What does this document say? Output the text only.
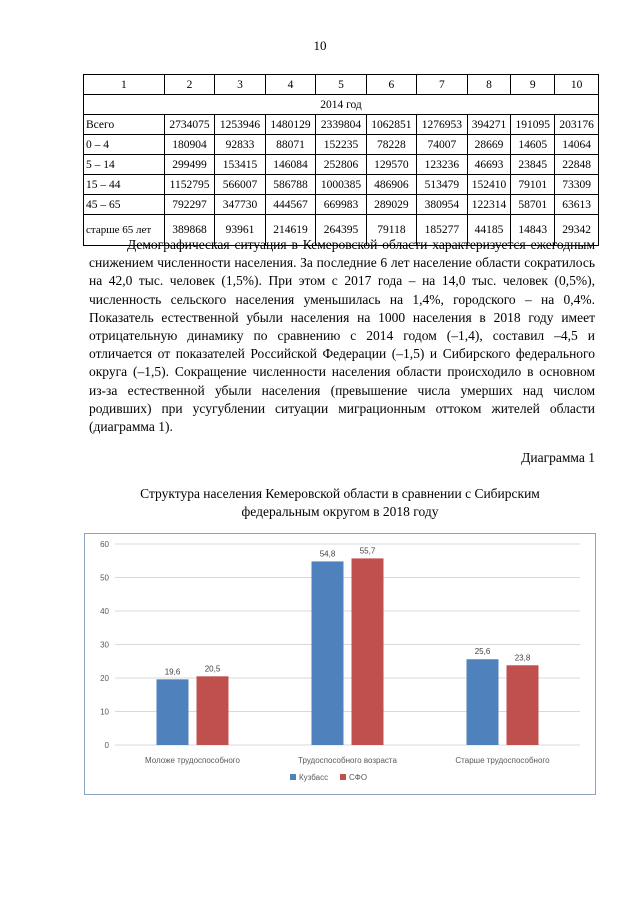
10
1	2	3	4	5	6	7	8	9	10
2014 год									
Всего	2734075	1253946	1480129	2339804	1062851	1276953	394271	191095	203176
0 – 4	180904	92833	88071	152235	78228	74007	28669	14605	14064
5 – 14	299499	153415	146084	252806	129570	123236	46693	23845	22848
15 – 44	1152795	566007	586788	1000385	486906	513479	152410	79101	73309
45 – 65	792297	347730	444567	669983	289029	380954	122314	58701	63613
старше 65 лет	389868	93961	214619	264395	79118	185277	44185	14843	29342

Демографическая ситуация в Кемеровской области характеризуется ежегодным снижением численности населения. За последние 6 лет население области сократилось на 42,0 тыс. человек (1,5%). При этом с 2017 года – на 14,0 тыс. человек (0,5%), численность сельского населения уменьшилась на 1,4%, городского – на 0,4%. Показатель естественной убыли населения на 1000 населения в 2018 году имеет отрицательную динамику по сравнению с 2014 годом (–1,4), составил –4,5 и отличается от показателей Российской Федерации (–1,5) и Сибирского федерального округа (–1,5). Сокращение численности населения области происходило в основном из-за естественной убыли населения (превышение числа умерших над числом родивших) при усугублении ситуации миграционным оттоком жителей области (диаграмма 1).

Диаграмма 1
Структура населения Кемеровской области в сравнении с Сибирским
федеральным округом в 2018 году
0
10
20
30
40
50
60
19,6	20,5
Моложе трудоспособного
54,8	55,7
Трудоспособного возраста
25,6
23,8
Старше трудоспособного
Кузбасс	СФО
